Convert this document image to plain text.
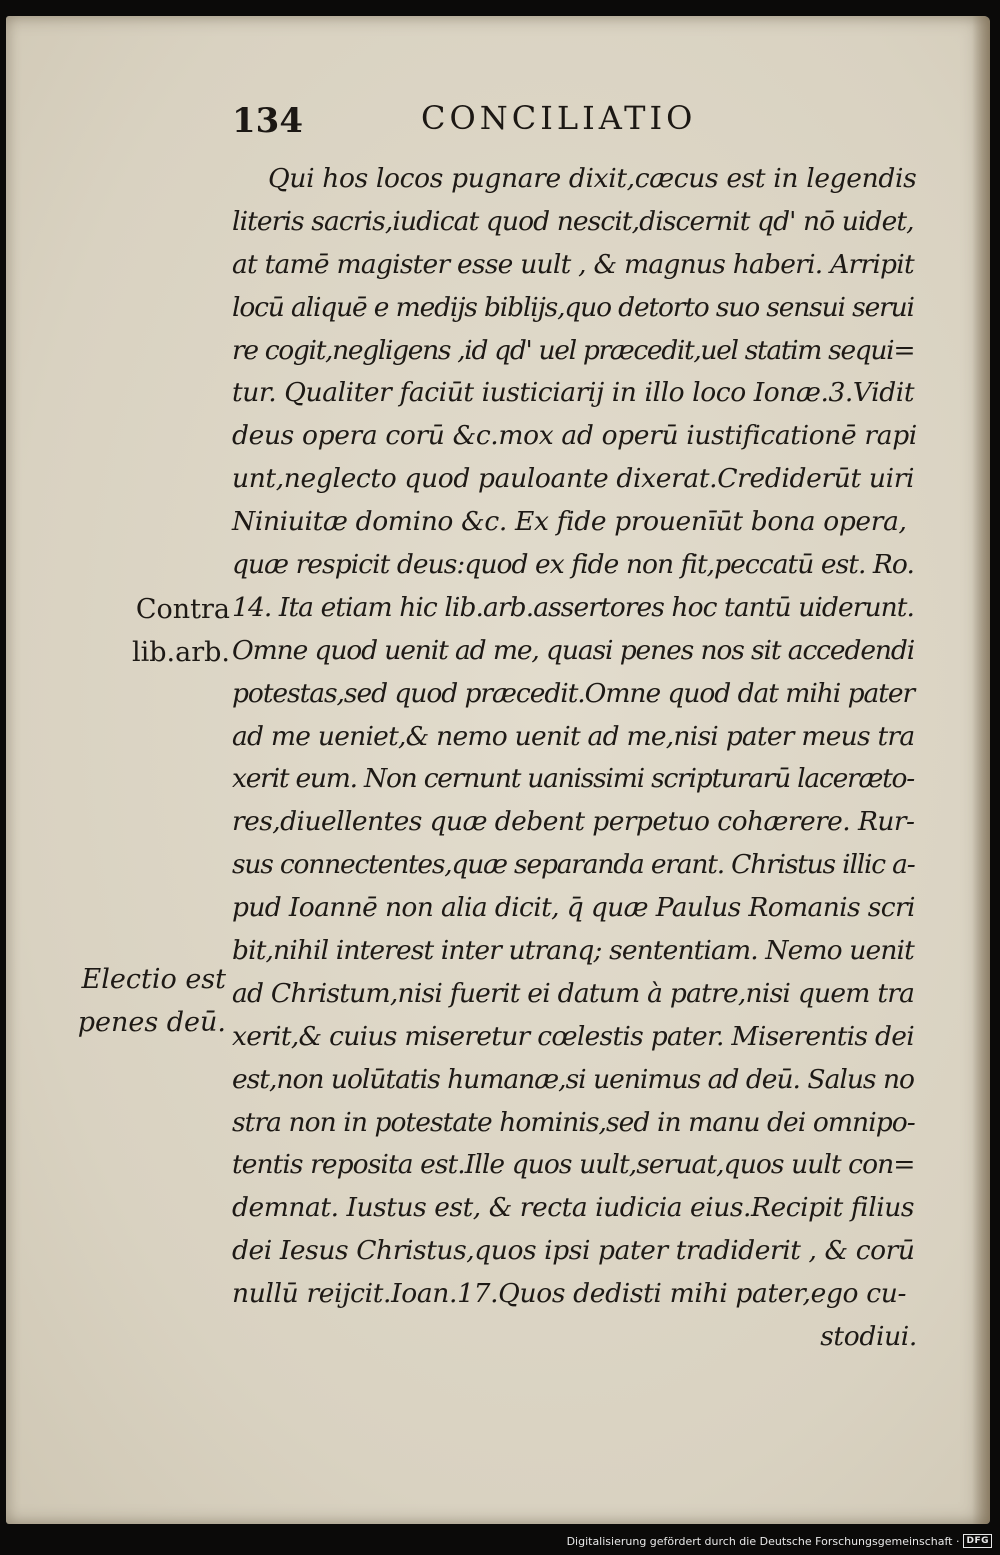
134	CONCILIATIO
Contra
lib.arb.
Electio est
penes deū.
Qui hos locos pugnare dixit,cæcus est in legendis
literis sacris,iudicat quod nescit,discernit qd' nō uidet,
at tamē magister esse uult , & magnus haberi. Arripit
locū aliquē e medijs biblijs,quo detorto suo sensui serui
re cogit,negligens ,id qd' uel præcedit,uel statim sequi=
tur. Qualiter faciūt iusticiarij in illo loco Ionæ.3.Vidit
deus opera corū &c.mox ad operū iustificationē rapi
unt,neglecto quod pauloante dixerat.Crediderūt uiri
Niniuitæ domino &c. Ex fide prouenīūt bona opera,
quæ respicit deus:quod ex fide non fit,peccatū est. Ro.
14. Ita etiam hic lib.arb.assertores hoc tantū uiderunt.
Omne quod uenit ad me, quasi penes nos sit accedendi
potestas,sed quod præcedit.Omne quod dat mihi pater
ad me ueniet,& nemo uenit ad me,nisi pater meus tra
xerit eum. Non cernunt uanissimi scripturarū laceræto-
res,diuellentes quæ debent perpetuo cohærere. Rur-
sus connectentes,quæ separanda erant. Christus illic a-
pud Ioannē non alia dicit, q̄ quæ Paulus Romanis scri
bit,nihil interest inter utranq; sententiam. Nemo uenit
ad Christum,nisi fuerit ei datum à patre,nisi quem tra
xerit,& cuius miseretur cœlestis pater. Miserentis dei
est,non uolūtatis humanæ,si uenimus ad deū. Salus no
stra non in potestate hominis,sed in manu dei omnipo-
tentis reposita est.Ille quos uult,seruat,quos uult con=
demnat. Iustus est, & recta iudicia eius.Recipit filius
dei Iesus Christus,quos ipsi pater tradiderit , & corū
nullū reijcit.Ioan.17.Quos dedisti mihi pater,ego cu-
stodiui.
Digitalisierung gefördert durch die Deutsche Forschungsgemeinschaft · DFG
